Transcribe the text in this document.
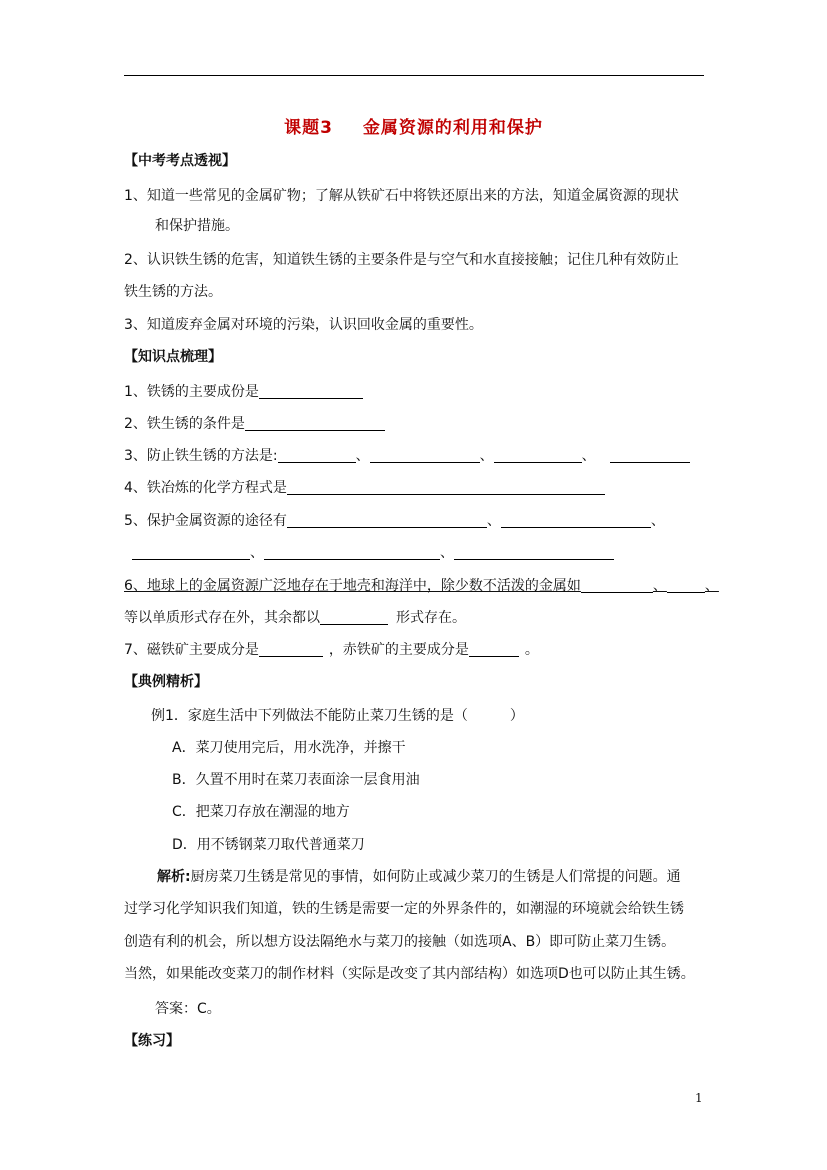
课题3 金属资源的利用和保护
【中考考点透视】
1、知道一些常见的金属矿物；了解从铁矿石中将铁还原出来的方法，知道金属资源的现状
和保护措施。
2、认识铁生锈的危害，知道铁生锈的主要条件是与空气和水直接接触；记住几种有效防止
铁生锈的方法。
3、知道废弃金属对环境的污染，认识回收金属的重要性。
【知识点梳理】
1、铁锈的主要成份是
2、铁生锈的条件是
3、防止铁生锈的方法是:	、	、	、
4、铁冶炼的化学方程式是
5、保护金属资源的途径有	、	、
、	、
6、地球上的金属资源广泛地存在于地壳和海洋中，除少数不活泼的金属如	、	、
等以单质形式存在外，其余都以	形式存在。
7、磁铁矿主要成分是	，赤铁矿的主要成分是	。
【典例精析】
例1．家庭生活中下列做法不能防止菜刀生锈的是（　　　）
A．菜刀使用完后，用水洗净，并擦干
B．久置不用时在菜刀表面涂一层食用油
C．把菜刀存放在潮湿的地方
D．用不锈钢菜刀取代普通菜刀
解析:厨房菜刀生锈是常见的事情，如何防止或减少菜刀的生锈是人们常提的问题。通
过学习化学知识我们知道，铁的生锈是需要一定的外界条件的，如潮湿的环境就会给铁生锈
创造有利的机会，所以想方设法隔绝水与菜刀的接触（如选项A、B）即可防止菜刀生锈。
当然，如果能改变菜刀的制作材料（实际是改变了其内部结构）如选项D也可以防止其生锈。
答案：C。
【练习】
1
